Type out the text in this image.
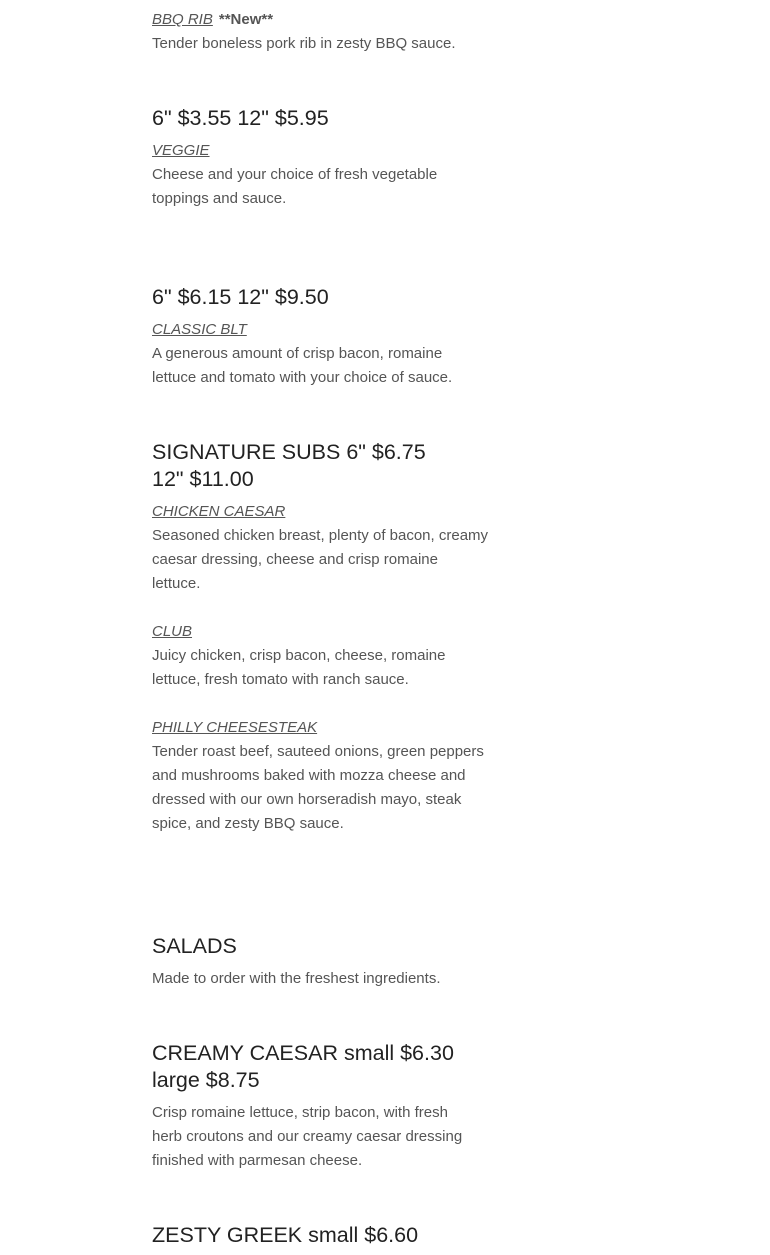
BBQ RIB **New**

Tender boneless pork rib in zesty BBQ sauce.

6" $3.55 12" $5.95
VEGGIE

Cheese and your choice of fresh vegetable
toppings and sauce.

6" $6.15 12" $9.50
CLASSIC BLT

A generous amount of crisp bacon, romaine
lettuce and tomato with your choice of sauce.

SIGNATURE SUBS 6" $6.75
12" $11.00
CHICKEN CAESAR

Seasoned chicken breast, plenty of bacon, creamy
caesar dressing, cheese and crisp romaine
lettuce.

CLUB

Juicy chicken, crisp bacon, cheese, romaine
lettuce, fresh tomato with ranch sauce.

PHILLY CHEESESTEAK

Tender roast beef, sauteed onions, green peppers
and mushrooms baked with mozza cheese and
dressed with our own horseradish mayo, steak
spice, and zesty BBQ sauce.

SALADS

Made to order with the freshest ingredients.

CREAMY CAESAR small $6.30
large $8.75

Crisp romaine lettuce, strip bacon, with fresh
herb croutons and our creamy caesar dressing
finished with parmesan cheese.

ZESTY GREEK small $6.60
